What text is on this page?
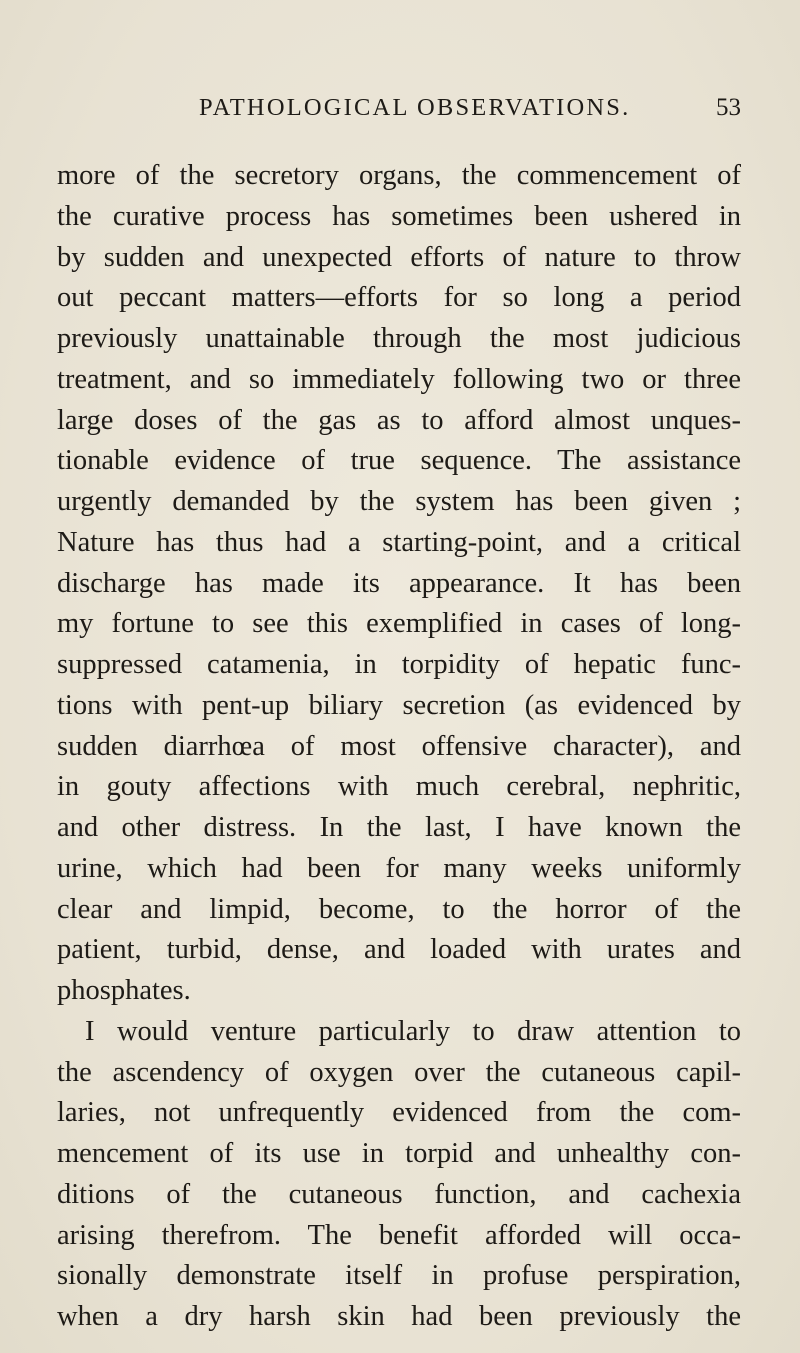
PATHOLOGICAL OBSERVATIONS.	53
more of the secretory organs, the commencement of
the curative process has sometimes been ushered in
by sudden and unexpected efforts of nature to throw
out peccant matters—efforts for so long a period
previously unattainable through the most judicious
treatment, and so immediately following two or three
large doses of the gas as to afford almost unques-
tionable evidence of true sequence. The assistance
urgently demanded by the system has been given ;
Nature has thus had a starting-point, and a critical
discharge has made its appearance. It has been
my fortune to see this exemplified in cases of long-
suppressed catamenia, in torpidity of hepatic func-
tions with pent-up biliary secretion (as evidenced by
sudden diarrhœa of most offensive character), and
in gouty affections with much cerebral, nephritic,
and other distress. In the last, I have known the
urine, which had been for many weeks uniformly
clear and limpid, become, to the horror of the
patient, turbid, dense, and loaded with urates and
phosphates.
I would venture particularly to draw attention to
the ascendency of oxygen over the cutaneous capil-
laries, not unfrequently evidenced from the com-
mencement of its use in torpid and unhealthy con-
ditions of the cutaneous function, and cachexia
arising therefrom. The benefit afforded will occa-
sionally demonstrate itself in profuse perspiration,
when a dry harsh skin had been previously the
